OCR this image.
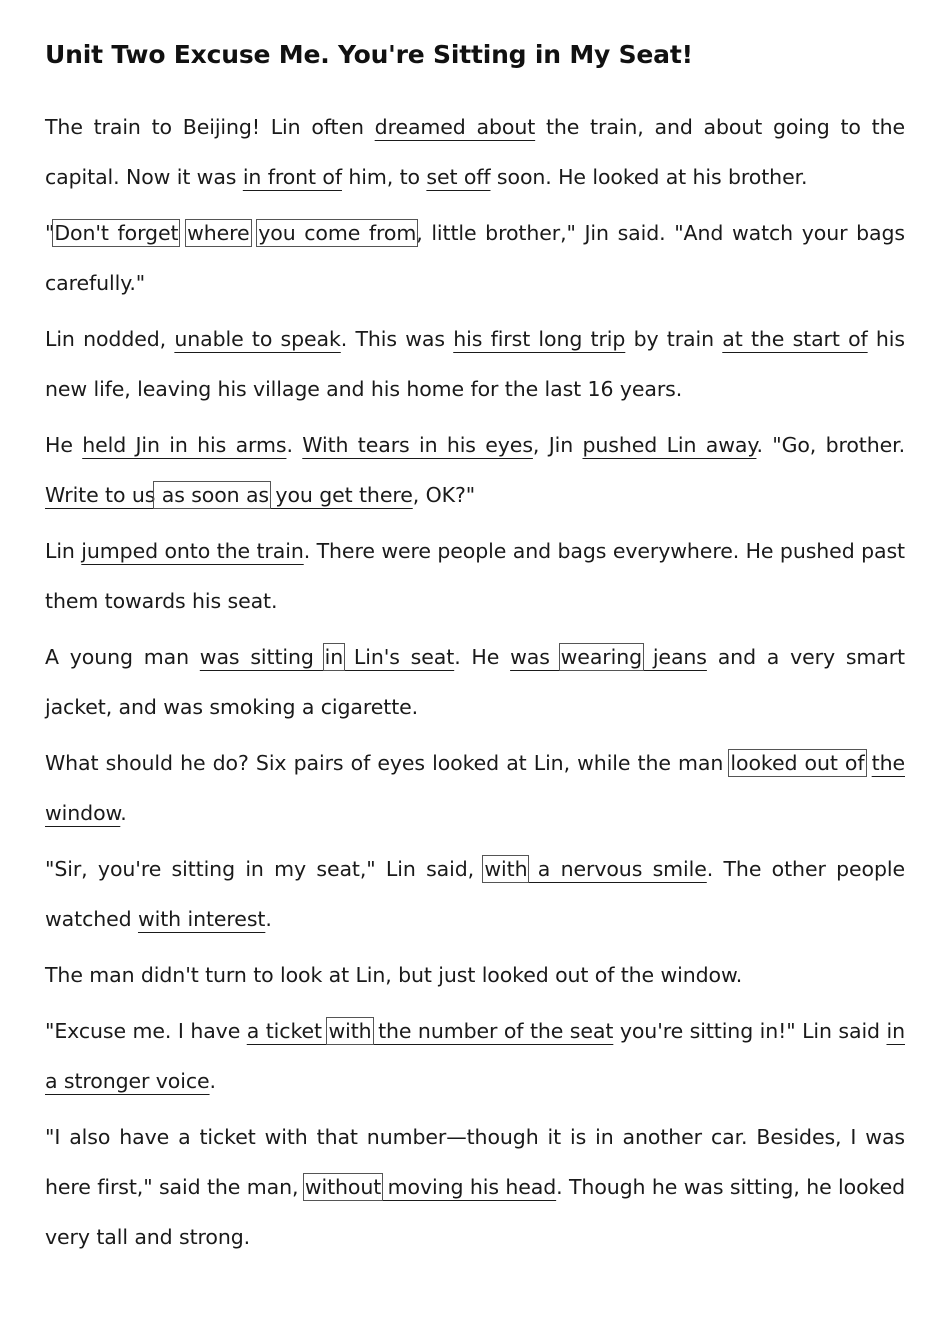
Unit Two Excuse Me. You're Sitting in My Seat!

The train to Beijing! Lin often dreamed about the train, and about going to the capital. Now it was in front of him, to set off soon. He looked at his brother.

"Don't forget where you come from, little brother," Jin said. "And watch your bags carefully."

Lin nodded, unable to speak. This was his first long trip by train at the start of his new life, leaving his village and his home for the last 16 years.

He held Jin in his arms. With tears in his eyes, Jin pushed Lin away. "Go, brother. Write to us as soon as you get there, OK?"

Lin jumped onto the train. There were people and bags everywhere. He pushed past them towards his seat.

A young man was sitting in Lin's seat. He was wearing jeans and a very smart jacket, and was smoking a cigarette.

What should he do? Six pairs of eyes looked at Lin, while the man looked out of the window.

"Sir, you're sitting in my seat," Lin said, with a nervous smile. The other people watched with interest.

The man didn't turn to look at Lin, but just looked out of the window.

"Excuse me. I have a ticket with the number of the seat you're sitting in!" Lin said in a stronger voice.

"I also have a ticket with that number—though it is in another car. Besides, I was here first," said the man, without moving his head. Though he was sitting, he looked very tall and strong.
